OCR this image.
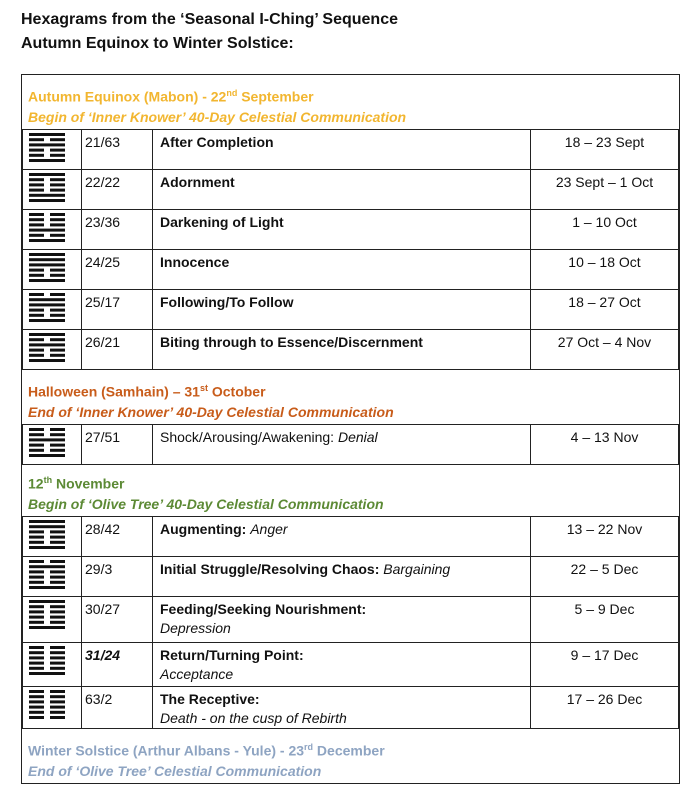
Hexagrams from the ‘Seasonal I-Ching’ Sequence
Autumn Equinox to Winter Solstice:
Autumn Equinox (Mabon) - 22nd September
Begin of ‘Inner Knower’ 40-Day Celestial Communication
	21/63	After Completion	18 – 23 Sept

	22/22	Adornment	23 Sept – 1 Oct

	23/36	Darkening of Light	1 – 10 Oct

	24/25	Innocence	10 – 18 Oct

	25/17	Following/To Follow	18 – 27 Oct

	26/21	Biting through to Essence/Discernment	27 Oct – 4 Nov
Halloween (Samhain) – 31st October
End of ‘Inner Knower’ 40-Day Celestial Communication
	27/51	Shock/Arousing/Awakening: Denial	4 – 13 Nov
12th November
Begin of ‘Olive Tree’ 40-Day Celestial Communication
	28/42	Augmenting: Anger	13 – 22 Nov

	29/3	Initial Struggle/Resolving Chaos: Bargaining	22 – 5 Dec

	30/27	Feeding/Seeking Nourishment:
Depression	5 – 9 Dec

	31/24	Return/Turning Point:
Acceptance	9 – 17 Dec

	63/2	The Receptive:
Death - on the cusp of Rebirth	17 – 26 Dec
Winter Solstice (Arthur Albans - Yule) - 23rd December
End of ‘Olive Tree’ Celestial Communication
